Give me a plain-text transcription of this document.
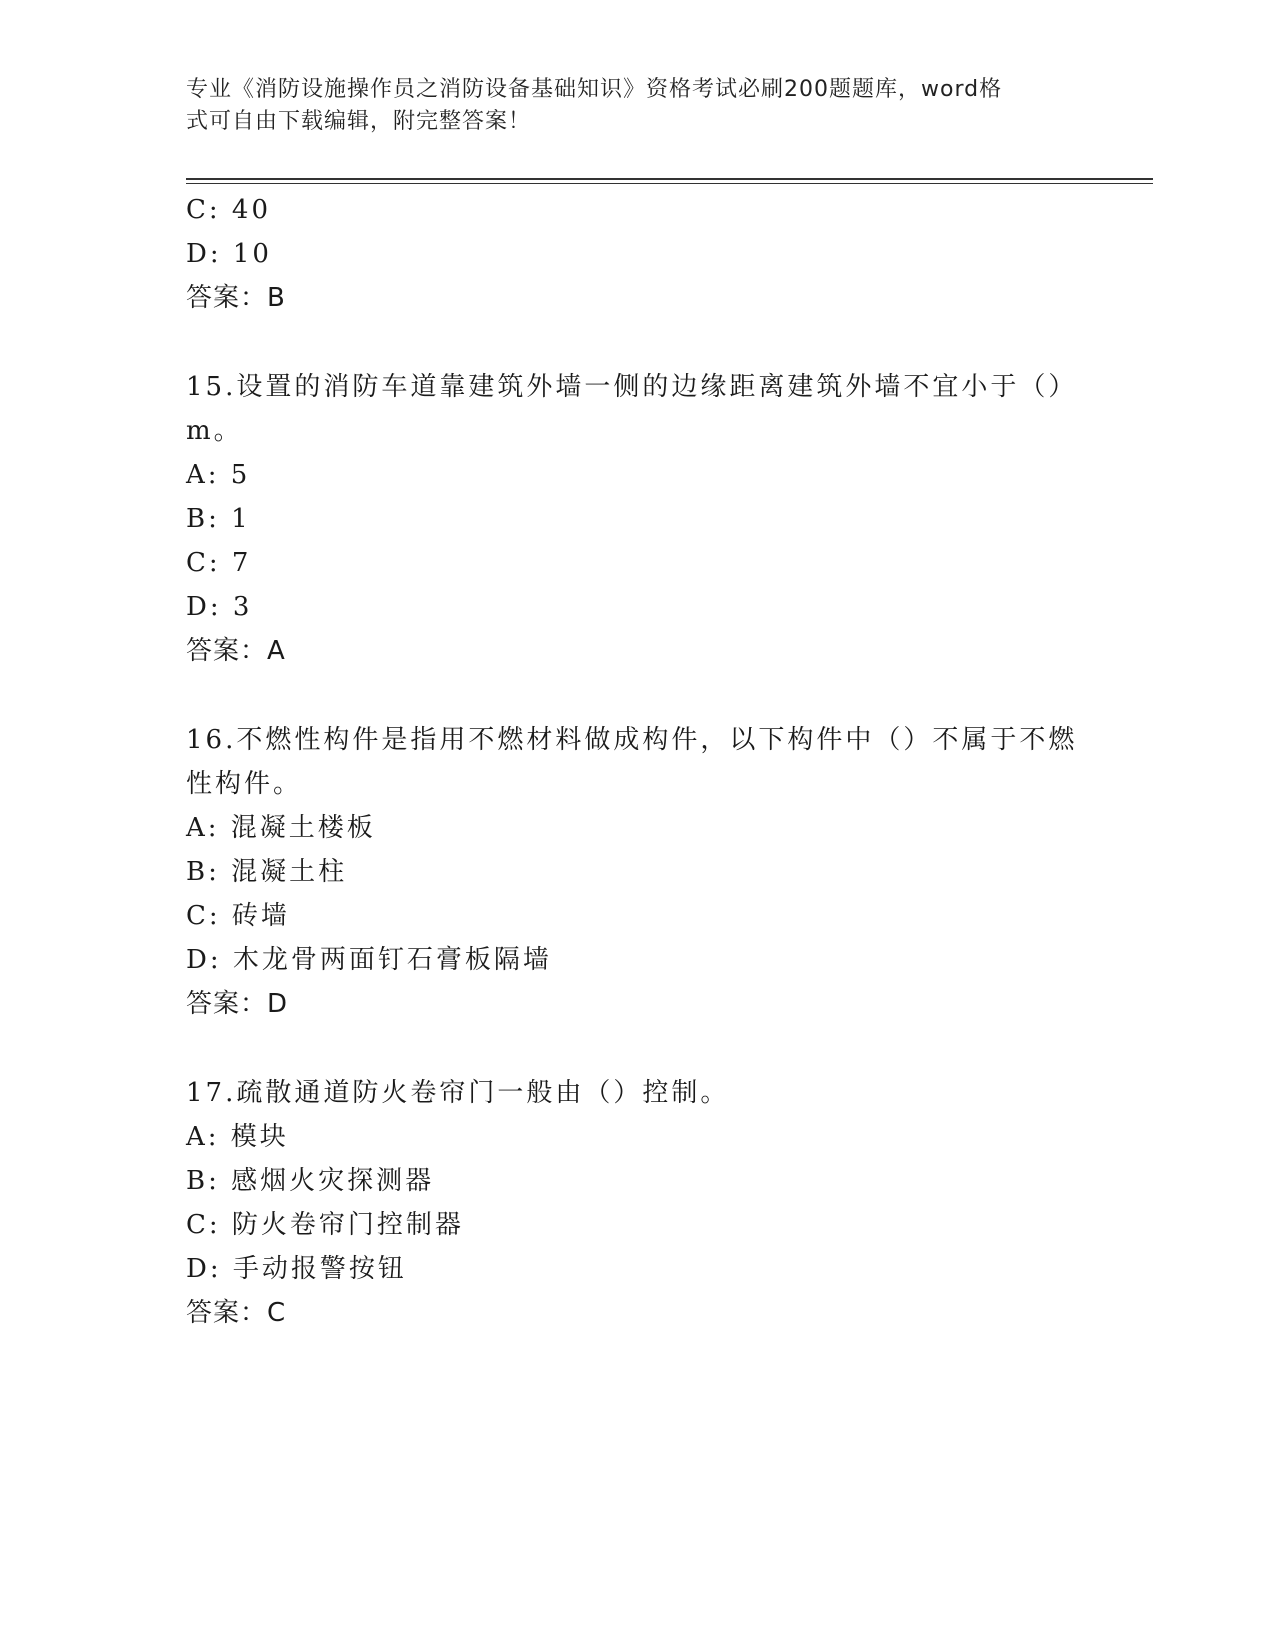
专业《消防设施操作员之消防设备基础知识》资格考试必刷200题题库，word格
式可自由下载编辑，附完整答案！
C: 40
D: 10
答案：B
15.设置的消防车道靠建筑外墙一侧的边缘距离建筑外墙不宜小于（）
m。
A: 5
B: 1
C: 7
D: 3
答案：A
16.不燃性构件是指用不燃材料做成构件，以下构件中（）不属于不燃
性构件。
A: 混凝土楼板
B: 混凝土柱
C: 砖墙
D: 木龙骨两面钉石膏板隔墙
答案：D
17.疏散通道防火卷帘门一般由（）控制。
A: 模块
B: 感烟火灾探测器
C: 防火卷帘门控制器
D: 手动报警按钮
答案：C
